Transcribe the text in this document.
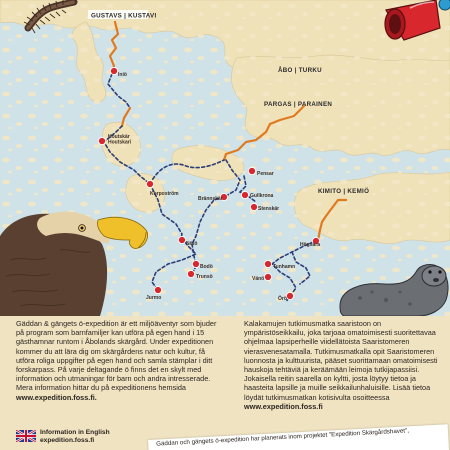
GUSTAVS | KUSTAVI
ÅBO | TURKU
PARGAS | PARAINEN
KIMITO | KEMIÖ
Iniö
Houtskär Houtskari
Korpoström
Pensar
Brännskär	Gullkrona
Stenskär
Nötö
Bodö
Trunsö
Jurmo
Högsåra
Tunhamn
Vänö
Örö
Gäddan & gängets ö-expedition är ett miljöäventyr som bjuder på program som barnfamiljer kan utföra på egen hand i 15 gästhamnar runtom i Åbolands skärgård. Under expeditionen kommer du att lära dig om skärgårdens natur och kultur, få utföra roliga uppgifter på egen hand och samla stämplar i ditt forskarpass. På varje deltagande ö finns det en skylt med information och utmaningar för barn och andra intresserade. Mera information hittar du på expeditionens hemsida www.expedition.foss.fi.
Kalakamujen tutkimusmatka saaristoon on ympäristöseikkailu, joka tarjoaa omatoimisesti suoritettavaa ohjelmaa lapsiperheille viidellätoista Saaristomeren vierasvenesatamalla. Tutkimusmatkalla opit Saaristomeren luonnosta ja kulttuurista, pääset suorittamaan omatoimisesti hauskoja tehtäviä ja keräämään leimoja tutkijapassiisi. Jokaisella reitin saarella on kyltti, josta löytyy tietoa ja haasteita lapsille ja muille seikkailunhaluisille. Lisää tietoa löydät tutkimusmatkan kotisivulta osoitteessa www.expedition.foss.fi
Information in English
expedition.foss.fi	Gäddan och gängets ö-expedition har planerats inom projektet "Expedition Skärgårdshavet",
